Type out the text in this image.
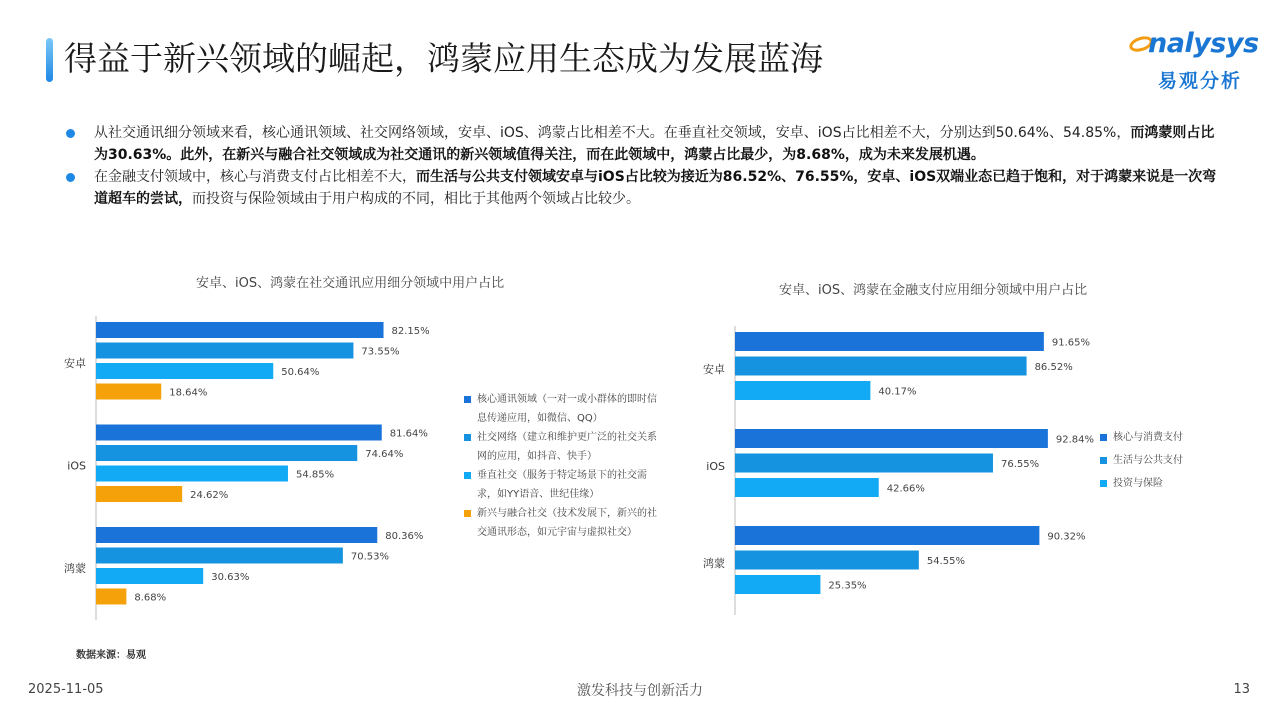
得益于新兴领域的崛起，鸿蒙应用生态成为发展蓝海	nalysys
易观分析
从社交通讯细分领域来看，核心通讯领域、社交网络领域，安卓、iOS、鸿蒙占比相差不大。在垂直社交领域，安卓、iOS占比相差不大，分别达到50.64%、54.85%，而鸿蒙则占比为30.63%。此外，在新兴与融合社交领域成为社交通讯的新兴领域值得关注，而在此领域中，鸿蒙占比最少，为8.68%，成为未来发展机遇。
在金融支付领域中，核心与消费支付占比相差不大，而生活与公共支付领域安卓与iOS占比较为接近为86.52%、76.55%，安卓、iOS双端业态已趋于饱和，对于鸿蒙来说是一次弯道超车的尝试，而投资与保险领域由于用户构成的不同，相比于其他两个领域占比较少。
安卓、iOS、鸿蒙在社交通讯应用细分领域中用户占比
安卓
82.15%
73.55%
50.64%
18.64%
iOS
81.64%
74.64%
54.85%
24.62%
鸿蒙
80.36%
70.53%
30.63%
8.68%
核心通讯领域（一对一或小群体的即时信息传递应用，如微信、QQ）
社交网络（建立和维护更广泛的社交关系网的应用，如抖音、快手）
垂直社交（服务于特定场景下的社交需求，如YY语音、世纪佳缘）
新兴与融合社交（技术发展下，新兴的社交通讯形态，如元宇宙与虚拟社交）
安卓、iOS、鸿蒙在金融支付应用细分领域中用户占比
安卓
91.65%
86.52%
40.17%
iOS
92.84%
76.55%
42.66%
鸿蒙
90.32%
54.55%
25.35%
核心与消费支付
生活与公共支付
投资与保险
数据来源：易观
2025-11-05	激发科技与创新活力	13
